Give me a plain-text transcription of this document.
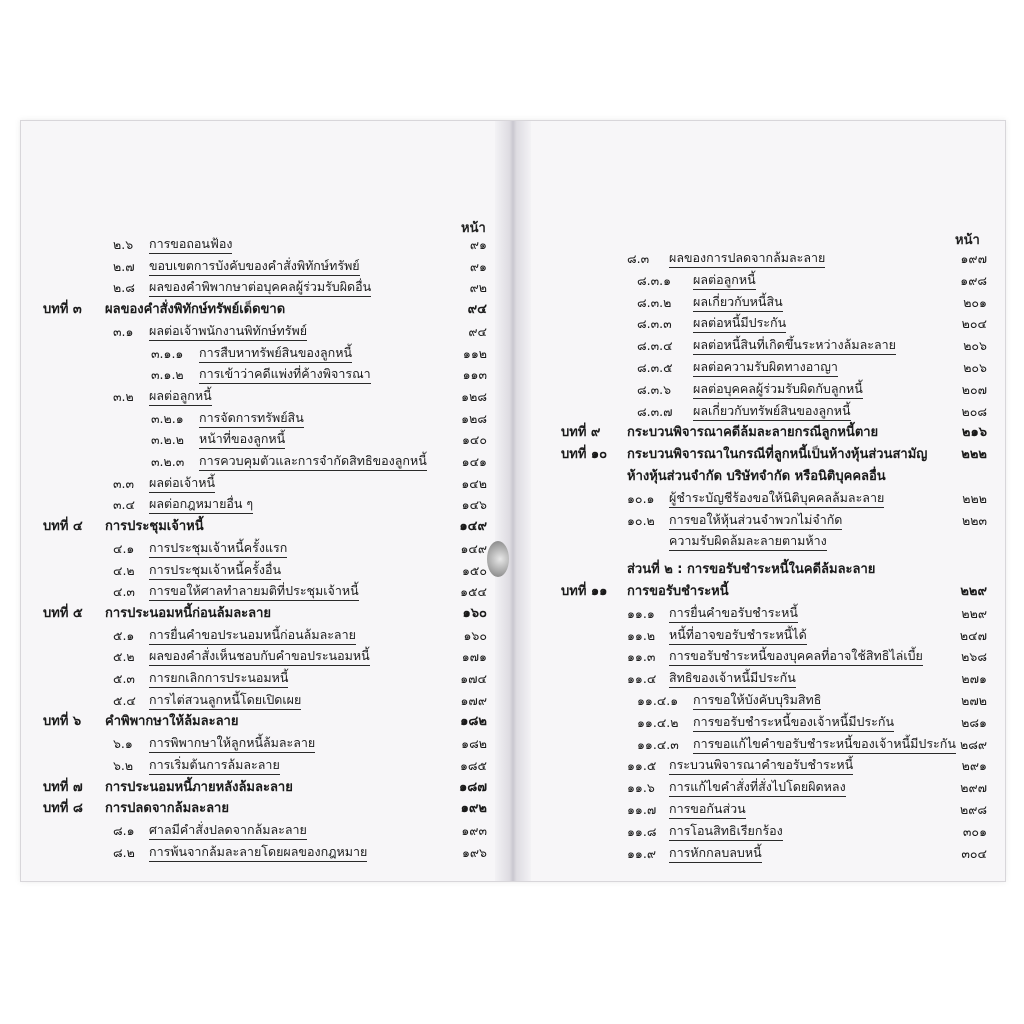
หน้า
๒.๖ การขอถอนฟ้อง	๙๑
๒.๗ ขอบเขตการบังคับของคำสั่งพิทักษ์ทรัพย์	๙๑
๒.๘ ผลของคำพิพากษาต่อบุคคลผู้ร่วมรับผิดอื่น	๙๒
บทที่ ๓ ผลของคำสั่งพิทักษ์ทรัพย์เด็ดขาด	๙๔
๓.๑ ผลต่อเจ้าพนักงานพิทักษ์ทรัพย์	๙๔
๓.๑.๑ การสืบหาทรัพย์สินของลูกหนี้	๑๑๒
๓.๑.๒ การเข้าว่าคดีแพ่งที่ค้างพิจารณา	๑๑๓
๓.๒ ผลต่อลูกหนี้	๑๒๘
๓.๒.๑ การจัดการทรัพย์สิน	๑๒๘
๓.๒.๒ หน้าที่ของลูกหนี้	๑๔๐
๓.๒.๓ การควบคุมตัวและการจำกัดสิทธิของลูกหนี้	๑๔๑
๓.๓ ผลต่อเจ้าหนี้	๑๔๒
๓.๔ ผลต่อกฎหมายอื่น ๆ	๑๔๖
บทที่ ๔ การประชุมเจ้าหนี้	๑๔๙
๔.๑ การประชุมเจ้าหนี้ครั้งแรก	๑๔๙
๔.๒ การประชุมเจ้าหนี้ครั้งอื่น	๑๕๐
๔.๓ การขอให้ศาลทำลายมติที่ประชุมเจ้าหนี้	๑๕๔
บทที่ ๕ การประนอมหนี้ก่อนล้มละลาย	๑๖๐
๕.๑ การยื่นคำขอประนอมหนี้ก่อนล้มละลาย	๑๖๐
๕.๒ ผลของคำสั่งเห็นชอบกับคำขอประนอมหนี้	๑๗๑
๕.๓ การยกเลิกการประนอมหนี้	๑๗๔
๕.๔ การไต่สวนลูกหนี้โดยเปิดเผย	๑๗๙
บทที่ ๖ คำพิพากษาให้ล้มละลาย	๑๘๒
๖.๑ การพิพากษาให้ลูกหนี้ล้มละลาย	๑๘๒
๖.๒ การเริ่มต้นการล้มละลาย	๑๘๕
บทที่ ๗ การประนอมหนี้ภายหลังล้มละลาย	๑๘๗
บทที่ ๘ การปลดจากล้มละลาย	๑๙๒
๘.๑ ศาลมีคำสั่งปลดจากล้มละลาย	๑๙๓
๘.๒ การพ้นจากล้มละลายโดยผลของกฎหมาย	๑๙๖
หน้า
๘.๓ ผลของการปลดจากล้มละลาย	๑๙๗
๘.๓.๑ ผลต่อลูกหนี้	๑๙๘
๘.๓.๒ ผลเกี่ยวกับหนี้สิน	๒๐๑
๘.๓.๓ ผลต่อหนี้มีประกัน	๒๐๔
๘.๓.๔ ผลต่อหนี้สินที่เกิดขึ้นระหว่างล้มละลาย	๒๐๖
๘.๓.๕ ผลต่อความรับผิดทางอาญา	๒๐๖
๘.๓.๖ ผลต่อบุคคลผู้ร่วมรับผิดกับลูกหนี้	๒๐๗
๘.๓.๗ ผลเกี่ยวกับทรัพย์สินของลูกหนี้	๒๐๘
บทที่ ๙ กระบวนพิจารณาคดีล้มละลายกรณีลูกหนี้ตาย	๒๑๖
บทที่ ๑๐ กระบวนพิจารณาในกรณีที่ลูกหนี้เป็นห้างหุ้นส่วนสามัญ	๒๒๒
ห้างหุ้นส่วนจำกัด บริษัทจำกัด หรือนิติบุคคลอื่น
๑๐.๑ ผู้ชำระบัญชีร้องขอให้นิติบุคคลล้มละลาย	๒๒๒
๑๐.๒ การขอให้หุ้นส่วนจำพวกไม่จำกัด	๒๒๓
ความรับผิดล้มละลายตามห้าง
ส่วนที่ ๒ : การขอรับชำระหนี้ในคดีล้มละลาย
บทที่ ๑๑ การขอรับชำระหนี้	๒๒๙
๑๑.๑ การยื่นคำขอรับชำระหนี้	๒๒๙
๑๑.๒ หนี้ที่อาจขอรับชำระหนี้ได้	๒๔๗
๑๑.๓ การขอรับชำระหนี้ของบุคคลที่อาจใช้สิทธิไล่เบี้ย	๒๖๘
๑๑.๔ สิทธิของเจ้าหนี้มีประกัน	๒๗๑
๑๑.๔.๑ การขอให้บังคับบุริมสิทธิ	๒๗๒
๑๑.๔.๒ การขอรับชำระหนี้ของเจ้าหนี้มีประกัน	๒๘๑
๑๑.๔.๓ การขอแก้ไขคำขอรับชำระหนี้ของเจ้าหนี้มีประกัน ๒๘๙
๑๑.๕ กระบวนพิจารณาคำขอรับชำระหนี้	๒๙๑
๑๑.๖ การแก้ไขคำสั่งที่สั่งไปโดยผิดหลง	๒๙๗
๑๑.๗ การขอกันส่วน	๒๙๘
๑๑.๘ การโอนสิทธิเรียกร้อง	๓๐๑
๑๑.๙ การหักกลบลบหนี้	๓๐๔
